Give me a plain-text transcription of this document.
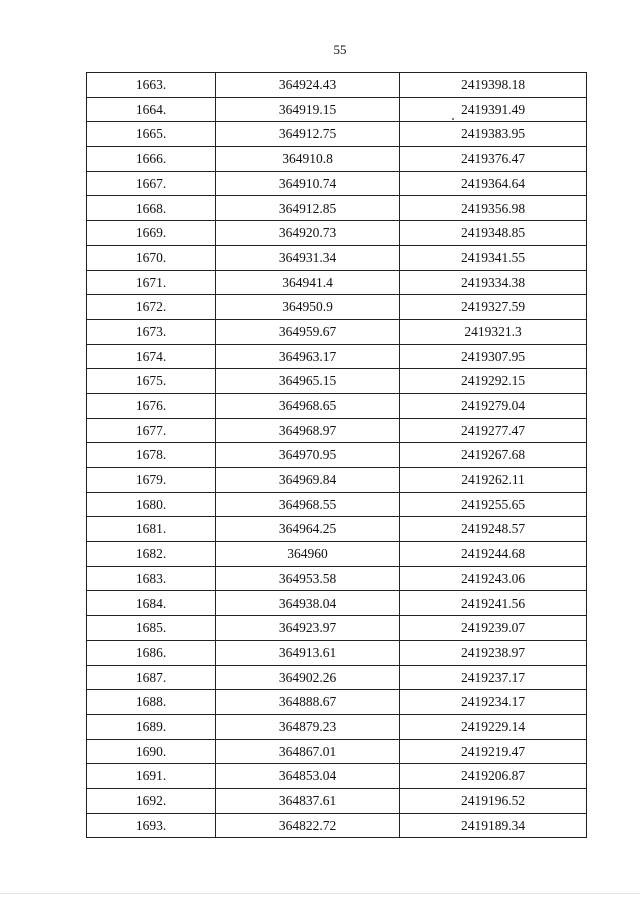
55
1663.	364924.43	2419398.18
1664.	364919.15	2419391.49
1665.	364912.75	2419383.95
1666.	364910.8	2419376.47
1667.	364910.74	2419364.64
1668.	364912.85	2419356.98
1669.	364920.73	2419348.85
1670.	364931.34	2419341.55
1671.	364941.4	2419334.38
1672.	364950.9	2419327.59
1673.	364959.67	2419321.3
1674.	364963.17	2419307.95
1675.	364965.15	2419292.15
1676.	364968.65	2419279.04
1677.	364968.97	2419277.47
1678.	364970.95	2419267.68
1679.	364969.84	2419262.11
1680.	364968.55	2419255.65
1681.	364964.25	2419248.57
1682.	364960	2419244.68
1683.	364953.58	2419243.06
1684.	364938.04	2419241.56
1685.	364923.97	2419239.07
1686.	364913.61	2419238.97
1687.	364902.26	2419237.17
1688.	364888.67	2419234.17
1689.	364879.23	2419229.14
1690.	364867.01	2419219.47
1691.	364853.04	2419206.87
1692.	364837.61	2419196.52
1693.	364822.72	2419189.34
